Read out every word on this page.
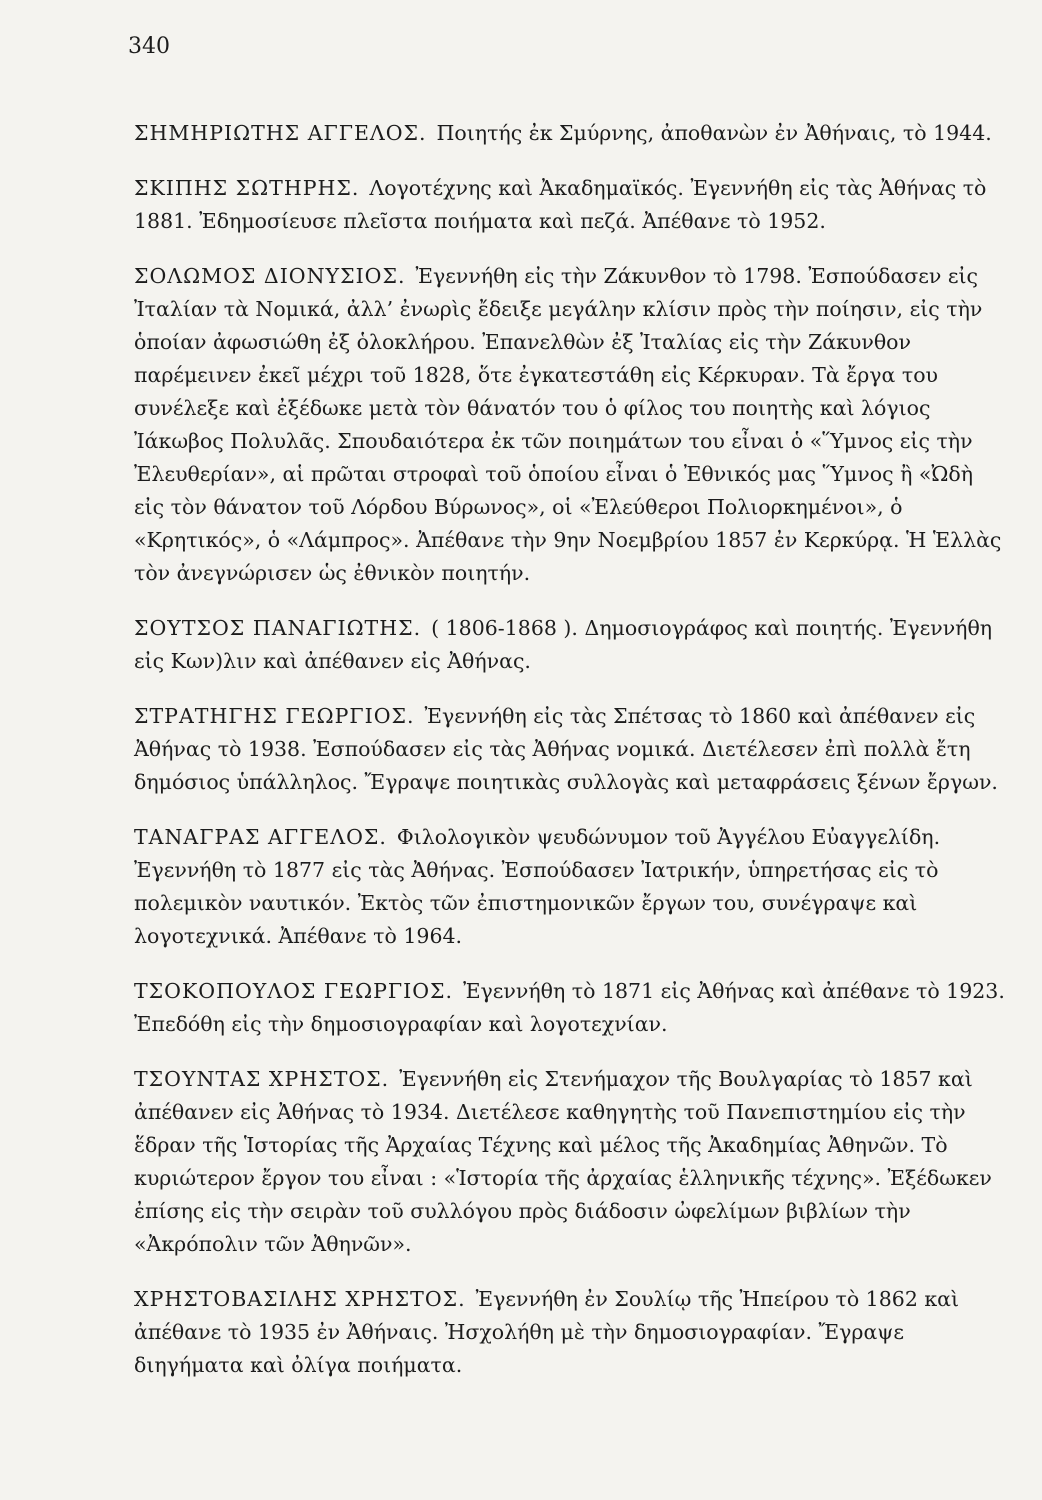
340

ΣΗΜΗΡΙΩΤΗΣ ΑΓΓΕΛΟΣ. Ποιητής ἐκ Σμύρνης, ἀποθανὼν ἐν Ἀθήναις, τὸ 1944.

ΣΚΙΠΗΣ ΣΩΤΗΡΗΣ. Λογοτέχνης καὶ Ἀκαδημαϊκός. Ἐγεννήθη εἰς τὰς Ἀθήνας τὸ 1881. Ἐδημοσίευσε πλεῖστα ποιήματα καὶ πεζά. Ἀπέθανε τὸ 1952.

ΣΟΛΩΜΟΣ ΔΙΟΝΥΣΙΟΣ. Ἐγεννήθη εἰς τὴν Ζάκυνθον τὸ 1798. Ἐσπούδασεν εἰς Ἰταλίαν τὰ Νομικά, ἀλλ’ ἐνωρὶς ἔδειξε μεγάλην κλίσιν πρὸς τὴν ποίησιν, εἰς τὴν ὁποίαν ἀφωσιώθη ἐξ ὁλοκλήρου. Ἐπανελθὼν ἐξ Ἰταλίας εἰς τὴν Ζάκυνθον παρέμεινεν ἐκεῖ μέχρι τοῦ 1828, ὅτε ἐγκατεστάθη εἰς Κέρκυραν. Τὰ ἔργα του συνέλεξε καὶ ἐξέδωκε μετὰ τὸν θάνατόν του ὁ φίλος του ποιητὴς καὶ λόγιος Ἰάκωβος Πολυλᾶς. Σπουδαιότερα ἐκ τῶν ποιημάτων του εἶναι ὁ «Ὕμνος εἰς τὴν Ἐλευθερίαν», αἱ πρῶται στροφαὶ τοῦ ὁποίου εἶναι ὁ Ἐθνικός μας Ὕμνος ἢ «Ὠδὴ εἰς τὸν θάνατον τοῦ Λόρδου Βύρωνος», οἱ «Ἐλεύθεροι Πολιορκημένοι», ὁ «Κρητικός», ὁ «Λάμπρος». Ἀπέθανε τὴν 9ην Νοεμβρίου 1857 ἐν Κερκύρᾳ. Ἡ Ἑλλὰς τὸν ἀνεγνώρισεν ὡς ἐθνικὸν ποιητήν.

ΣΟΥΤΣΟΣ ΠΑΝΑΓΙΩΤΗΣ. ( 1806-1868 ). Δημοσιογράφος καὶ ποιητής. Ἐγεννήθη εἰς Κων)λιν καὶ ἀπέθανεν εἰς Ἀθήνας.

ΣΤΡΑΤΗΓΗΣ ΓΕΩΡΓΙΟΣ. Ἐγεννήθη εἰς τὰς Σπέτσας τὸ 1860 καὶ ἀπέθανεν εἰς Ἀθήνας τὸ 1938. Ἐσπούδασεν εἰς τὰς Ἀθήνας νομικά. Διετέλεσεν ἐπὶ πολλὰ ἔτη δημόσιος ὑπάλληλος. Ἔγραψε ποιητικὰς συλλογὰς καὶ μεταφράσεις ξένων ἔργων.

ΤΑΝΑΓΡΑΣ ΑΓΓΕΛΟΣ. Φιλολογικὸν ψευδώνυμον τοῦ Ἀγγέλου Εὐαγγελίδη. Ἐγεννήθη τὸ 1877 εἰς τὰς Ἀθήνας. Ἐσπούδασεν Ἰατρικήν, ὑπηρετήσας εἰς τὸ πολεμικὸν ναυτικόν. Ἐκτὸς τῶν ἐπιστημονικῶν ἔργων του, συνέγραψε καὶ λογοτεχνικά. Ἀπέθανε τὸ 1964.

ΤΣΟΚΟΠΟΥΛΟΣ ΓΕΩΡΓΙΟΣ. Ἐγεννήθη τὸ 1871 εἰς Ἀθήνας καὶ ἀπέθανε τὸ 1923. Ἐπεδόθη εἰς τὴν δημοσιογραφίαν καὶ λογοτεχνίαν.

ΤΣΟΥΝΤΑΣ ΧΡΗΣΤΟΣ. Ἐγεννήθη εἰς Στενήμαχον τῆς Βουλγαρίας τὸ 1857 καὶ ἀπέθανεν εἰς Ἀθήνας τὸ 1934. Διετέλεσε καθηγητὴς τοῦ Πανεπιστημίου εἰς τὴν ἕδραν τῆς Ἱστορίας τῆς Ἀρχαίας Τέχνης καὶ μέλος τῆς Ἀκαδημίας Ἀθηνῶν. Τὸ κυριώτερον ἔργον του εἶναι : «Ἱστορία τῆς ἀρχαίας ἑλληνικῆς τέχνης». Ἐξέδωκεν ἐπίσης εἰς τὴν σειρὰν τοῦ συλλόγου πρὸς διάδοσιν ὠφελίμων βιβλίων τὴν «Ἀκρόπολιν τῶν Ἀθηνῶν».

ΧΡΗΣΤΟΒΑΣΙΛΗΣ ΧΡΗΣΤΟΣ. Ἐγεννήθη ἐν Σουλίῳ τῆς Ἠπείρου τὸ 1862 καὶ ἀπέθανε τὸ 1935 ἐν Ἀθήναις. Ἠσχολήθη μὲ τὴν δημοσιογραφίαν. Ἔγραψε διηγήματα καὶ ὀλίγα ποιήματα.
